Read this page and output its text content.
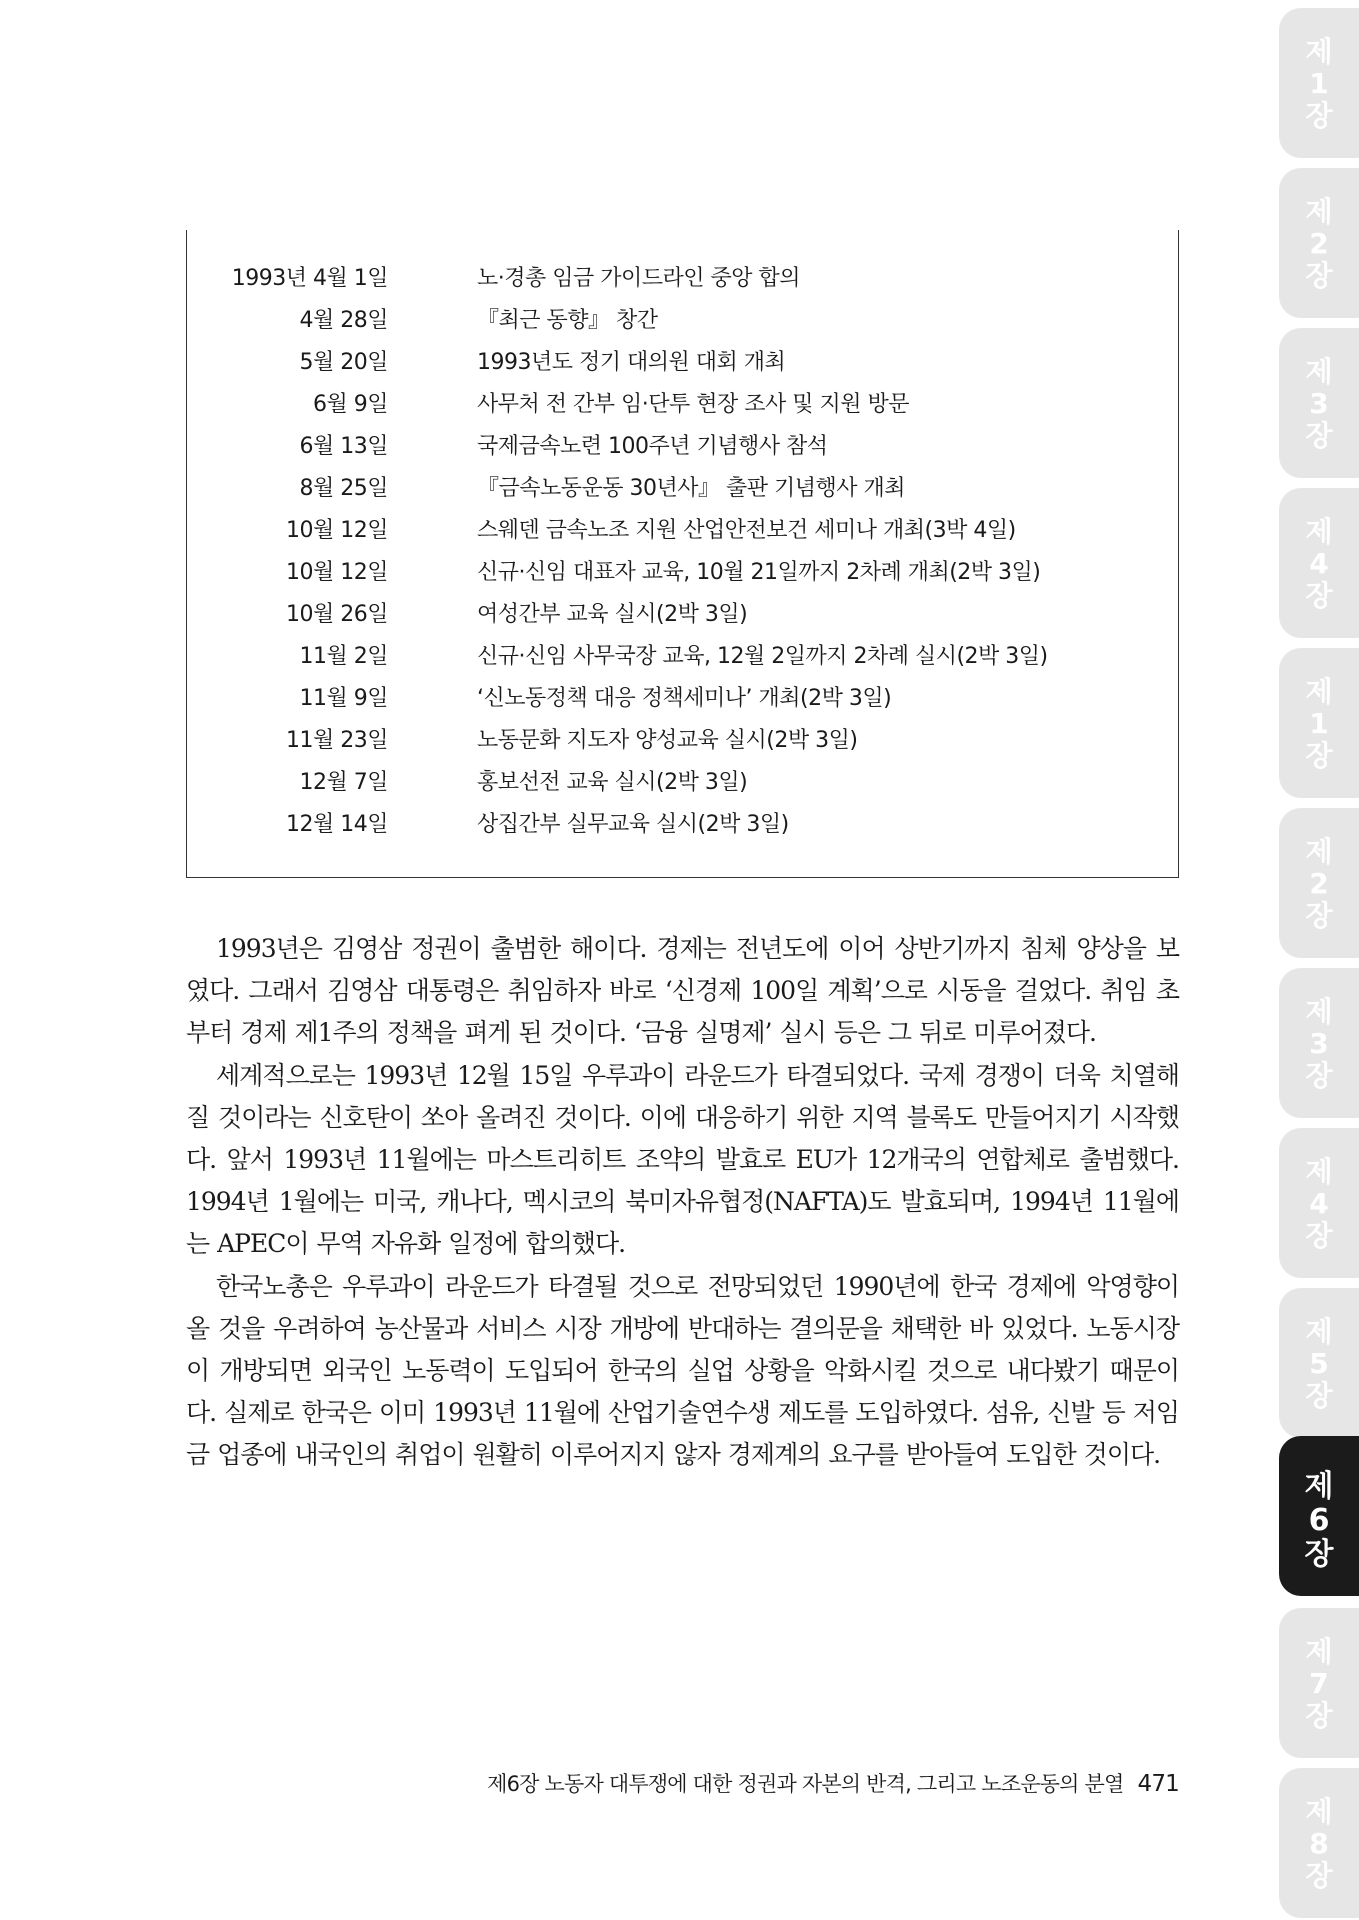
1993년 4월 1일	노·경총 임금 가이드라인 중앙 합의
4월 28일	『최근 동향』 창간
5월 20일	1993년도 정기 대의원 대회 개최
6월 9일	사무처 전 간부 임·단투 현장 조사 및 지원 방문
6월 13일	국제금속노련 100주년 기념행사 참석
8월 25일	『금속노동운동 30년사』 출판 기념행사 개최
10월 12일	스웨덴 금속노조 지원 산업안전보건 세미나 개최(3박 4일)
10월 12일	신규·신임 대표자 교육, 10월 21일까지 2차례 개최(2박 3일)
10월 26일	여성간부 교육 실시(2박 3일)
11월 2일	신규·신임 사무국장 교육, 12월 2일까지 2차례 실시(2박 3일)
11월 9일	‘신노동정책 대응 정책세미나’ 개최(2박 3일)
11월 23일	노동문화 지도자 양성교육 실시(2박 3일)
12월 7일	홍보선전 교육 실시(2박 3일)
12월 14일	상집간부 실무교육 실시(2박 3일)

1993년은 김영삼 정권이 출범한 해이다. 경제는 전년도에 이어 상반기까지 침체 양상을 보였다. 그래서 김영삼 대통령은 취임하자 바로 ‘신경제 100일 계획’으로 시동을 걸었다. 취임 초부터 경제 제1주의 정책을 펴게 된 것이다. ‘금융 실명제’ 실시 등은 그 뒤로 미루어졌다.

세계적으로는 1993년 12월 15일 우루과이 라운드가 타결되었다. 국제 경쟁이 더욱 치열해질 것이라는 신호탄이 쏘아 올려진 것이다. 이에 대응하기 위한 지역 블록도 만들어지기 시작했다. 앞서 1993년 11월에는 마스트리히트 조약의 발효로 EU가 12개국의 연합체로 출범했다. 1994년 1월에는 미국, 캐나다, 멕시코의 북미자유협정(NAFTA)도 발효되며, 1994년 11월에는 APEC이 무역 자유화 일정에 합의했다.

한국노총은 우루과이 라운드가 타결될 것으로 전망되었던 1990년에 한국 경제에 악영향이 올 것을 우려하여 농산물과 서비스 시장 개방에 반대하는 결의문을 채택한 바 있었다. 노동시장이 개방되면 외국인 노동력이 도입되어 한국의 실업 상황을 악화시킬 것으로 내다봤기 때문이다. 실제로 한국은 이미 1993년 11월에 산업기술연수생 제도를 도입하였다. 섬유, 신발 등 저임금 업종에 내국인의 취업이 원활히 이루어지지 않자 경제계의 요구를 받아들여 도입한 것이다.

제6장 노동자 대투쟁에 대한 정권과 자본의 반격, 그리고 노조운동의 분열 471
제
1
장
제
2
장
제
3
장
제
4
장
제
1
장
제
2
장
제
3
장
제
4
장
제
5
장
제
6
장
제
7
장
제
8
장
